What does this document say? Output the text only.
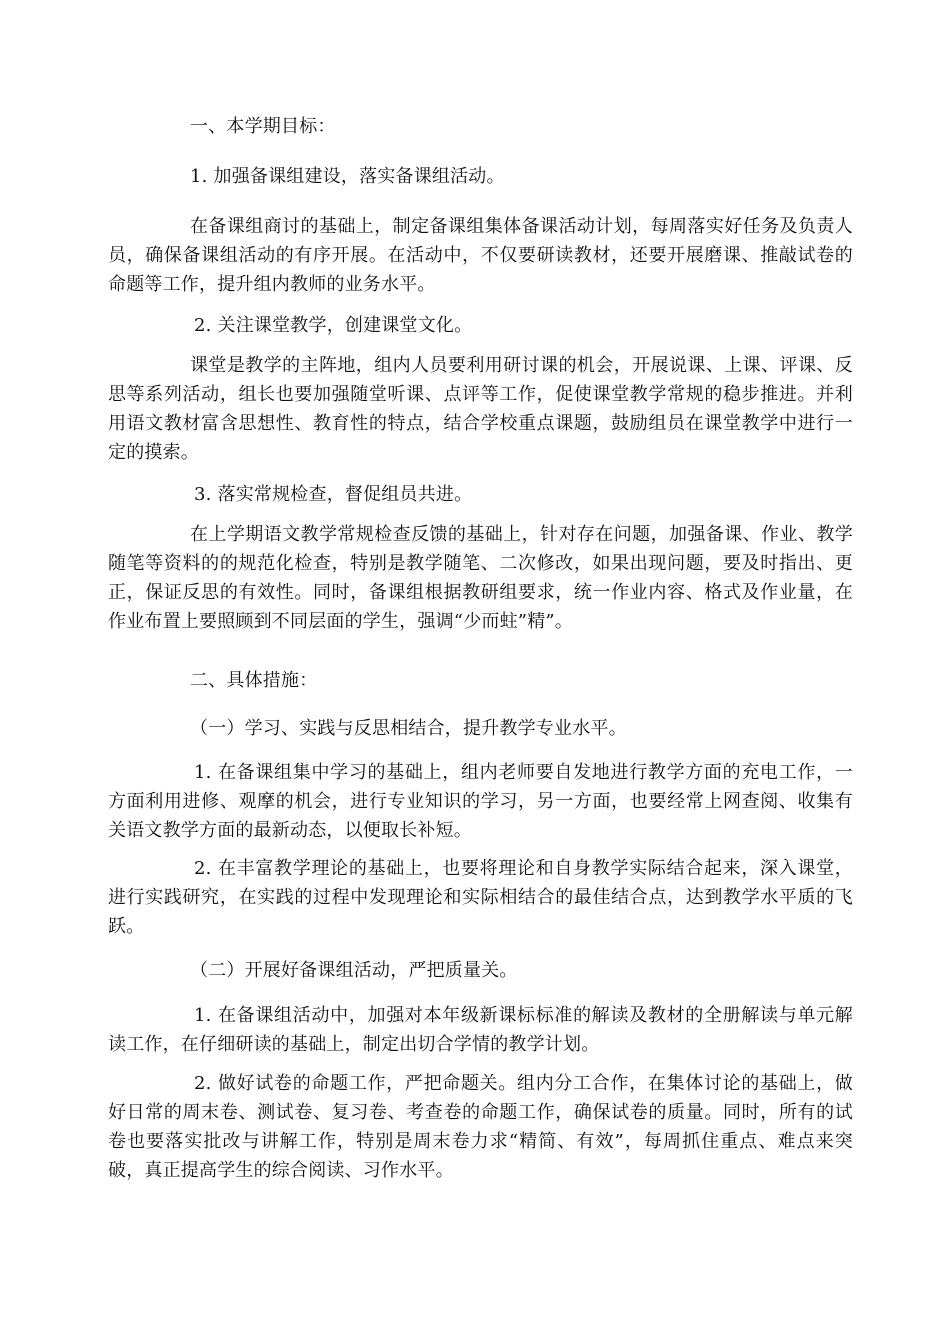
一、本学期目标：

1. 加强备课组建设，落实备课组活动。

在备课组商讨的基础上，制定备课组集体备课活动计划，每周落实好任务及负责人员，确保备课组活动的有序开展。在活动中，不仅要研读教材，还要开展磨课、推敲试卷的命题等工作，提升组内教师的业务水平。

2. 关注课堂教学，创建课堂文化。

课堂是教学的主阵地，组内人员要利用研讨课的机会，开展说课、上课、评课、反思等系列活动，组长也要加强随堂听课、点评等工作，促使课堂教学常规的稳步推进。并利用语文教材富含思想性、教育性的特点，结合学校重点课题，鼓励组员在课堂教学中进行一定的摸索。

3. 落实常规检查，督促组员共进。

在上学期语文教学常规检查反馈的基础上，针对存在问题，加强备课、作业、教学随笔等资料的的规范化检查，特别是教学随笔、二次修改，如果出现问题，要及时指出、更正，保证反思的有效性。同时，备课组根据教研组要求，统一作业内容、格式及作业量，在作业布置上要照顾到不同层面的学生，强调“少而蛀”精”。

二、具体措施：

（一）学习、实践与反思相结合，提升教学专业水平。

1. 在备课组集中学习的基础上，组内老师要自发地进行教学方面的充电工作，一方面利用进修、观摩的机会，进行专业知识的学习，另一方面，也要经常上网查阅、收集有关语文教学方面的最新动态，以便取长补短。

2. 在丰富教学理论的基础上，也要将理论和自身教学实际结合起来，深入课堂，进行实践研究，在实践的过程中发现理论和实际相结合的最佳结合点，达到教学水平质的飞跃。

（二）开展好备课组活动，严把质量关。

1. 在备课组活动中，加强对本年级新课标标准的解读及教材的全册解读与单元解读工作，在仔细研读的基础上，制定出切合学情的教学计划。

2. 做好试卷的命题工作，严把命题关。组内分工合作，在集体讨论的基础上，做好日常的周末卷、测试卷、复习卷、考查卷的命题工作，确保试卷的质量。同时，所有的试卷也要落实批改与讲解工作，特别是周末卷力求“精简、有效”，每周抓住重点、难点来突破，真正提高学生的综合阅读、习作水平。
